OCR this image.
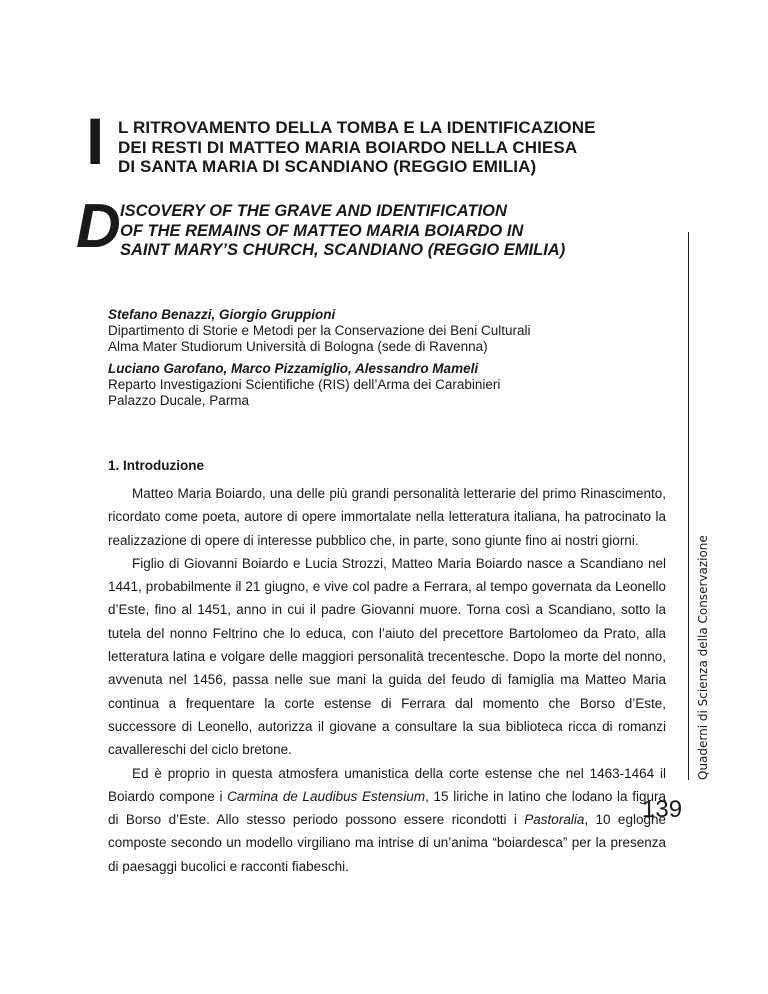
I L RITROVAMENTO DELLA TOMBA E LA IDENTIFICAZIONE
DEI RESTI DI MATTEO MARIA BOIARDO NELLA CHIESA
DI SANTA MARIA DI SCANDIANO (REGGIO EMILIA)
D ISCOVERY OF THE GRAVE AND IDENTIFICATION
OF THE REMAINS OF MATTEO MARIA BOIARDO IN
SAINT MARY’S CHURCH, SCANDIANO (REGGIO EMILIA)
Stefano Benazzi, Giorgio Gruppioni
Dipartimento di Storie e Metodi per la Conservazione dei Beni Culturali
Alma Mater Studiorum Università di Bologna (sede di Ravenna)
Luciano Garofano, Marco Pizzamiglio, Alessandro Mameli
Reparto Investigazioni Scientifiche (RIS) dell’Arma dei Carabinieri
Palazzo Ducale, Parma
1. Introduzione

Matteo Maria Boiardo, una delle più grandi personalità letterarie del primo Rinascimento, ricordato come poeta, autore di opere immortalate nella letteratura italiana, ha patrocinato la realizzazione di opere di interesse pubblico che, in parte, sono giunte fino ai nostri giorni.

Figlio di Giovanni Boiardo e Lucia Strozzi, Matteo Maria Boiardo nasce a Scandiano nel 1441, probabilmente il 21 giugno, e vive col padre a Ferrara, al tempo governata da Leonello d’Este, fino al 1451, anno in cui il padre Giovanni muore. Torna così a Scandiano, sotto la tutela del nonno Feltrino che lo educa, con l’aiuto del precettore Bartolomeo da Prato, alla letteratura latina e volgare delle maggiori personalità trecentesche. Dopo la morte del nonno, avvenuta nel 1456, passa nelle sue mani la guida del feudo di famiglia ma Matteo Maria continua a frequentare la corte estense di Ferrara dal momento che Borso d’Este, successore di Leonello, autorizza il giovane a consultare la sua biblioteca ricca di romanzi cavallereschi del ciclo bretone.

Ed è proprio in questa atmosfera umanistica della corte estense che nel 1463-1464 il Boiardo compone i Carmina de Laudibus Estensium, 15 liriche in latino che lodano la figura di Borso d’Este. Allo stesso periodo possono essere ricondotti i Pastoralia, 10 egloghe composte secondo un modello virgiliano ma intrise di un’anima “boiardesca” per la presenza di paesaggi bucolici e racconti fiabeschi.

Quaderni di Scienza della Conservazione
139
